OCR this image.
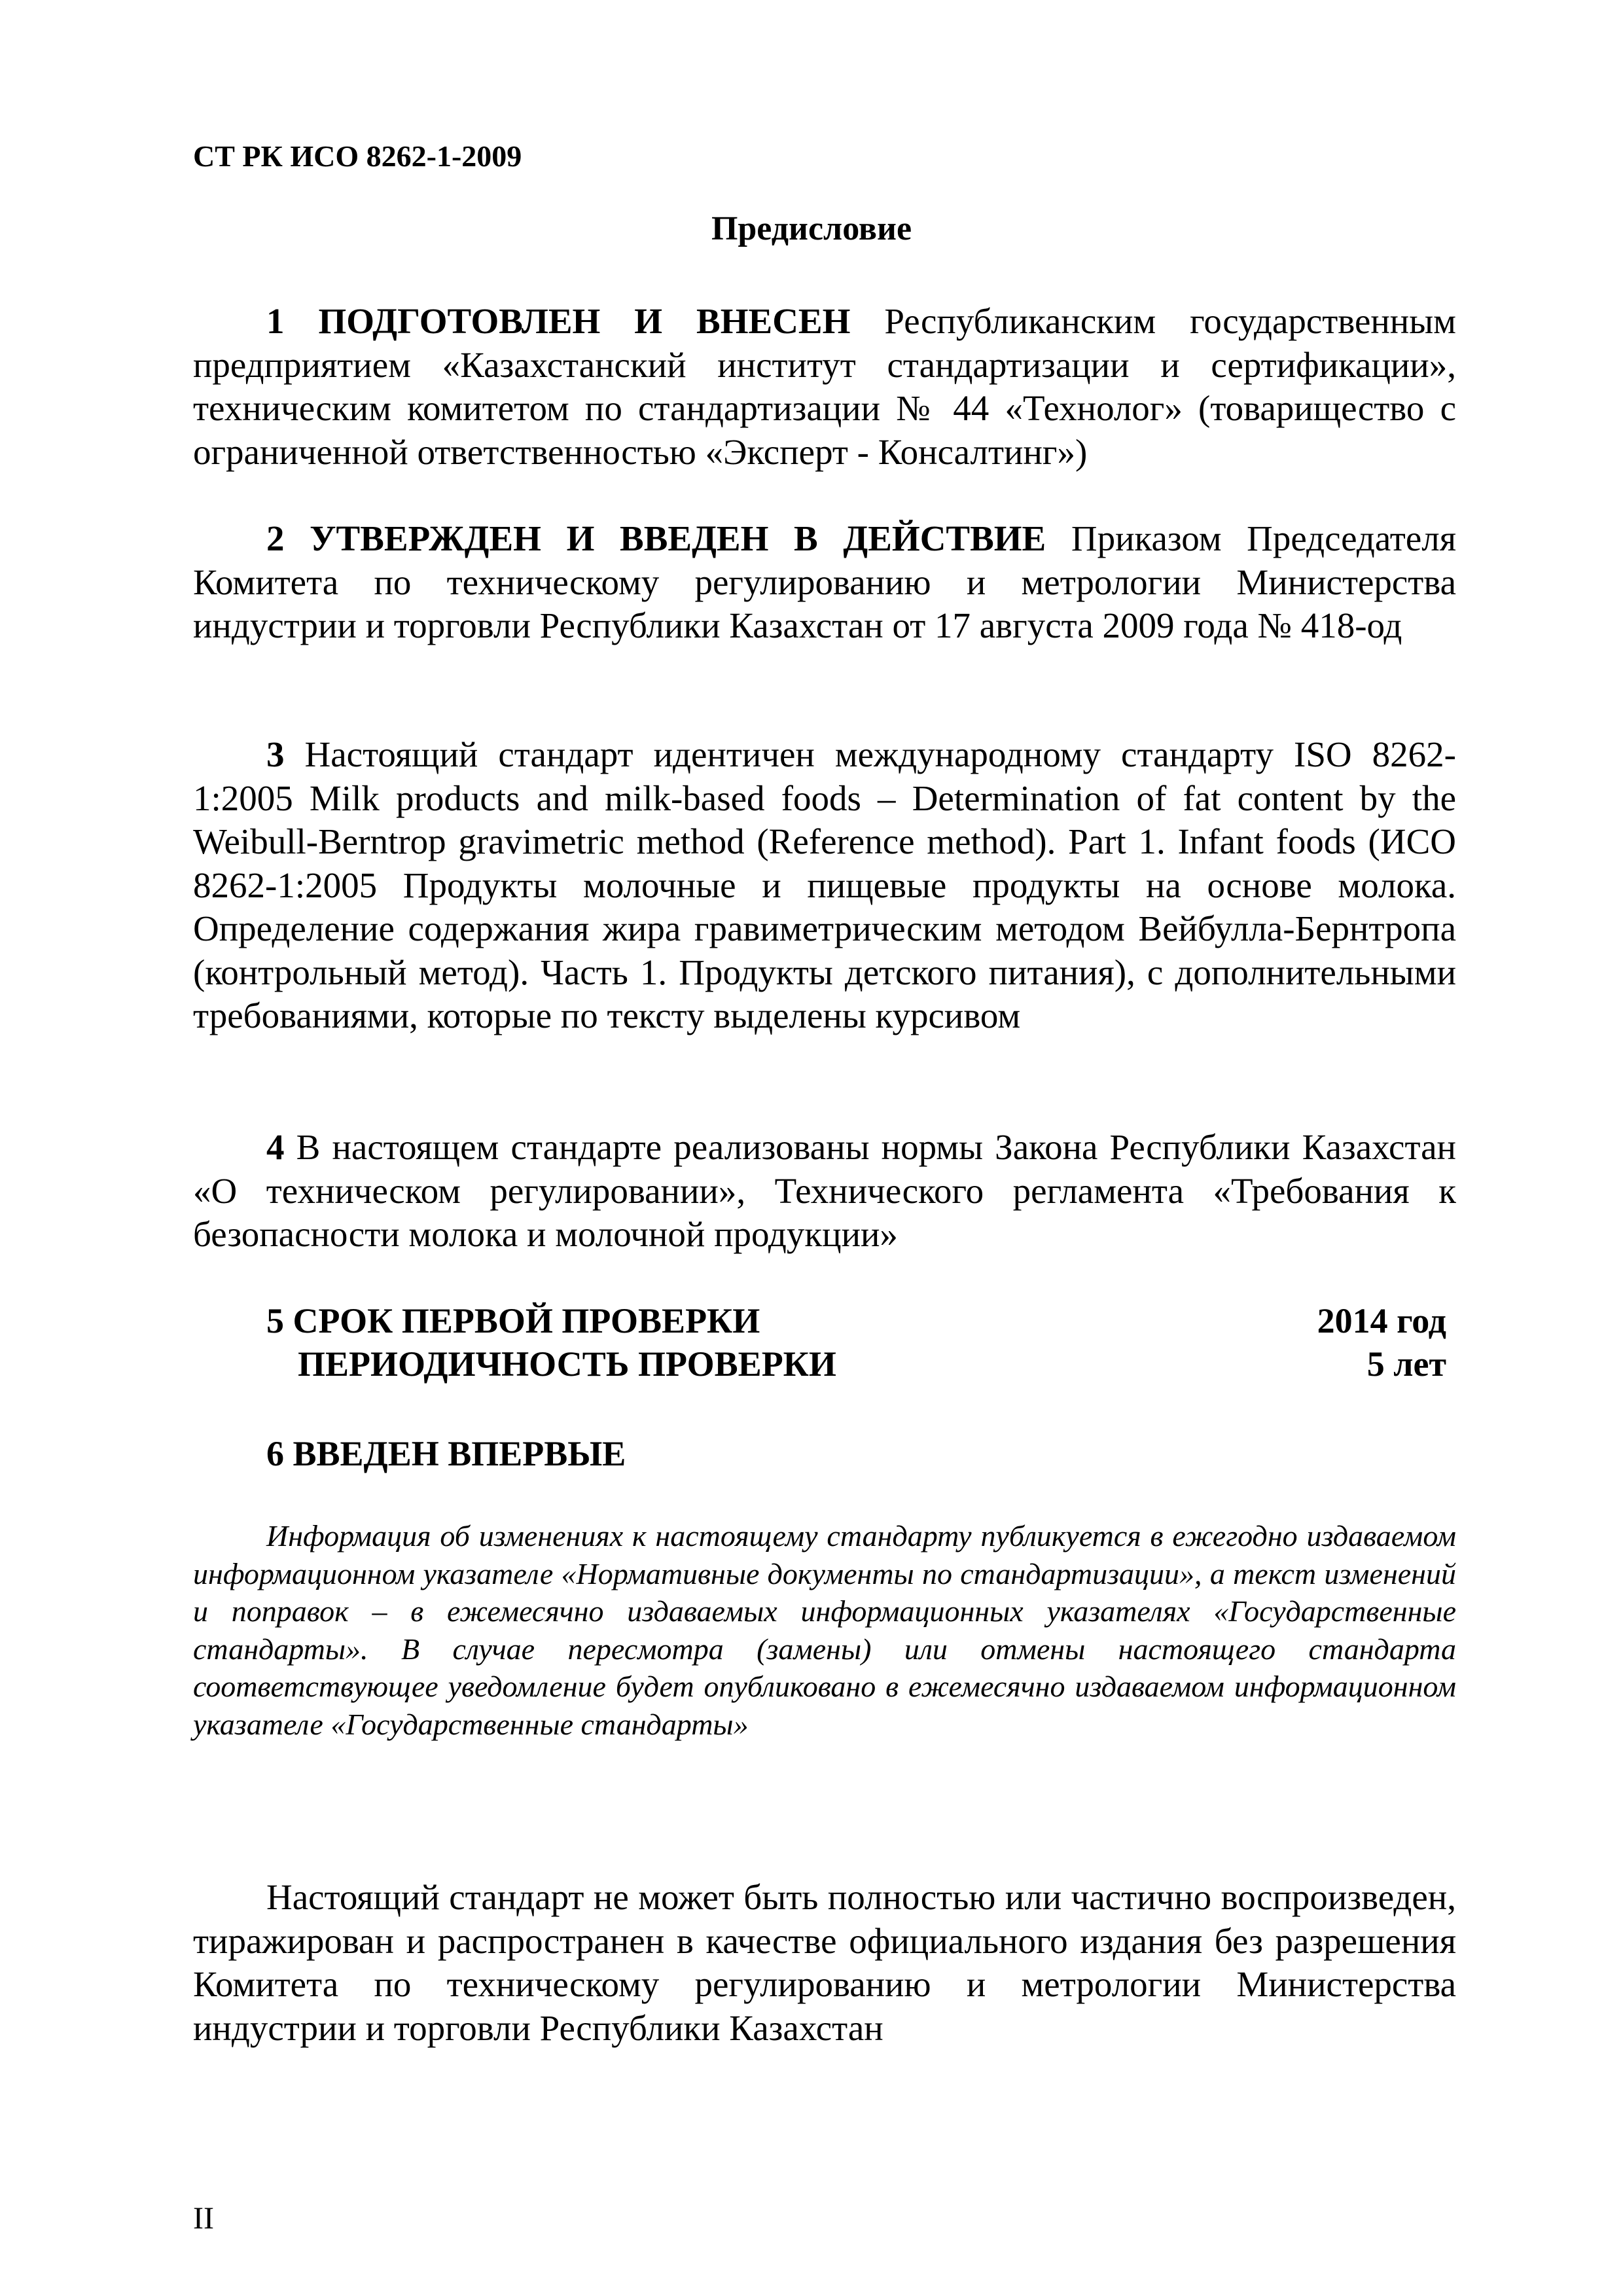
СТ РК ИСО 8262-1-2009

Предисловие

1 ПОДГОТОВЛЕН И ВНЕСЕН Республиканским государственным предприятием «Казахстанский институт стандартизации и сертификации», техническим комитетом по стандартизации № 44 «Технолог» (товарищество с ограниченной ответственностью «Эксперт - Консалтинг»)

2 УТВЕРЖДЕН И ВВЕДЕН В ДЕЙСТВИЕ Приказом Председателя Комитета по техническому регулированию и метрологии Министерства индустрии и торговли Республики Казахстан от 17 августа 2009 года № 418-од

3 Настоящий стандарт идентичен международному стандарту ISO 8262-1:2005 Milk products and milk-based foods – Determination of fat content by the Weibull-Berntrop gravimetric method (Reference method). Part 1. Infant foods (ИСО 8262-1:2005 Продукты молочные и пищевые продукты на основе молока. Определение содержания жира гравиметрическим методом Вейбулла-Бернтропа (контрольный метод). Часть 1. Продукты детского питания), с дополнительными требованиями, которые по тексту выделены курсивом

4 В настоящем стандарте реализованы нормы Закона Республики Казахстан «О техническом регулировании», Технического регламента «Требования к безопасности молока и молочной продукции»

5 СРОК ПЕРВОЙ ПРОВЕРКИ	2014 год
ПЕРИОДИЧНОСТЬ ПРОВЕРКИ	5 лет

6 ВВЕДЕН ВПЕРВЫЕ

Информация об изменениях к настоящему стандарту публикуется в ежегодно издаваемом информационном указателе «Нормативные документы по стандартизации», а текст изменений и поправок – в ежемесячно издаваемых информационных указателях «Государственные стандарты». В случае пересмотра (замены) или отмены настоящего стандарта соответствующее уведомление будет опубликовано в ежемесячно издаваемом информационном указателе «Государственные стандарты»

Настоящий стандарт не может быть полностью или частично воспроизведен, тиражирован и распространен в качестве официального издания без разрешения Комитета по техническому регулированию и метрологии Министерства индустрии и торговли Республики Казахстан

II
